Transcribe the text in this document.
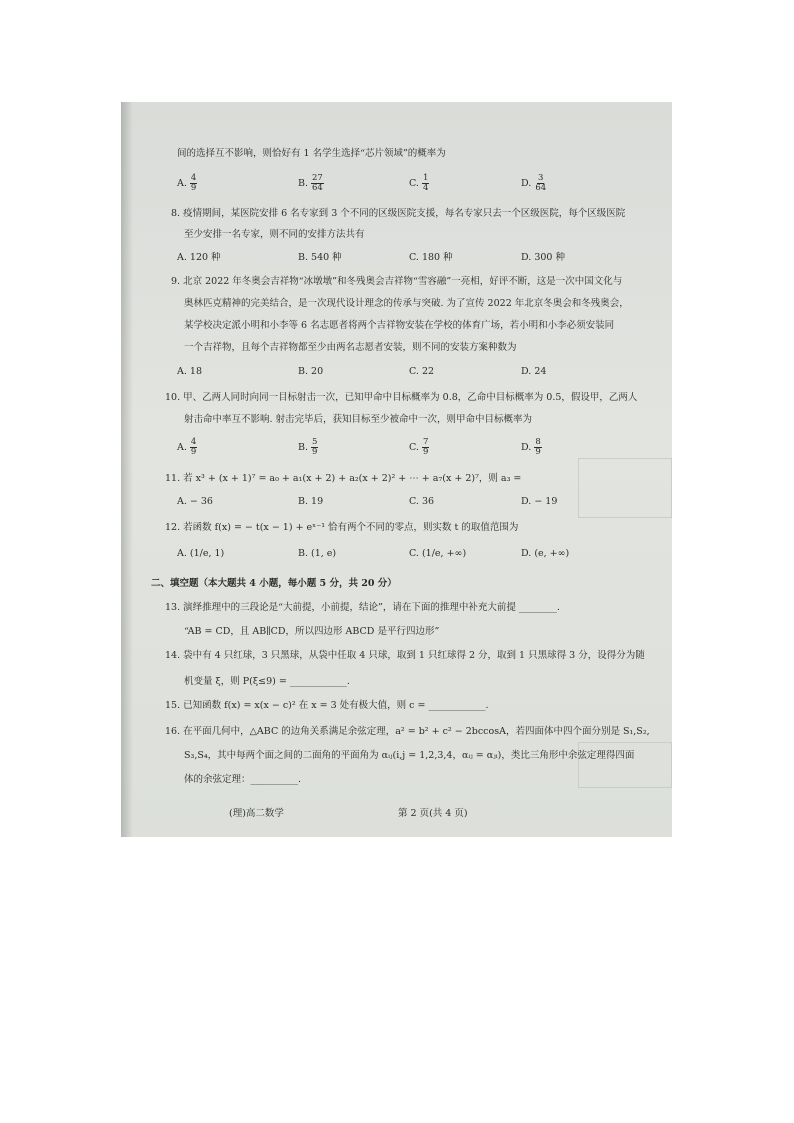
间的选择互不影响，则恰好有 1 名学生选择“芯片领域”的概率为
A. $\frac{4}{9}$	B. $\frac{27}{64}$	C. $\frac{1}{4}$	D. $\frac{3}{64}$
8. 疫情期间，某医院安排 6 名专家到 3 个不同的区级医院支援，每名专家只去一个区级医院，每个区级医院
至少安排一名专家，则不同的安排方法共有
A. 120 种	B. 540 种	C. 180 种	D. 300 种
9. 北京 2022 年冬奥会吉祥物“冰墩墩”和冬残奥会吉祥物“雪容融”一亮相，好评不断，这是一次中国文化与
奥林匹克精神的完美结合，是一次现代设计理念的传承与突破. 为了宣传 2022 年北京冬奥会和冬残奥会，
某学校决定派小明和小李等 6 名志愿者将两个吉祥物安装在学校的体育广场，若小明和小李必须安装同
一个吉祥物，且每个吉祥物都至少由两名志愿者安装，则不同的安装方案种数为
A. 18	B. 20	C. 22	D. 24
10. 甲、乙两人同时向同一目标射击一次，已知甲命中目标概率为 0.8，乙命中目标概率为 0.5，假设甲，乙两人
射击命中率互不影响. 射击完毕后，获知目标至少被命中一次，则甲命中目标概率为
A. $\frac{4}{9}$	B. $\frac{5}{9}$	C. $\frac{7}{9}$	D. $\frac{8}{9}$
11. 若 x³ + (x + 1)⁷ = a₀ + a₁(x + 2) + a₂(x + 2)² + ⋯ + a₇(x + 2)⁷，则 a₃ =
A. − 36	B. 19	C. 36	D. − 19
12. 若函数 f(x) = − t(x − 1) + eˣ⁻¹ 恰有两个不同的零点，则实数 t 的取值范围为
A. (1/e, 1)	B. (1, e)	C. (1/e, +∞)	D. (e, +∞)
二、填空题（本大题共 4 小题，每小题 5 分，共 20 分）
13. 演绎推理中的三段论是“大前提，小前提，结论”，请在下面的推理中补充大前提 ________.
“AB = CD，且 AB∥CD，所以四边形 ABCD 是平行四边形”
14. 袋中有 4 只红球，3 只黑球，从袋中任取 4 只球，取到 1 只红球得 2 分，取到 1 只黑球得 3 分，设得分为随
机变量 ξ，则 P(ξ≤9) = ____________.
15. 已知函数 f(x) = x(x − c)² 在 x = 3 处有极大值，则 c = ____________.
16. 在平面几何中，△ABC 的边角关系满足余弦定理，a² = b² + c² − 2bccosA，若四面体中四个面分别是 S₁,S₂,
S₃,S₄，其中每两个面之间的二面角的平面角为 αᵢⱼ(i,j = 1,2,3,4，αᵢⱼ = αⱼᵢ)，类比三角形中余弦定理得四面
体的余弦定理：__________.
(理)高二数学	第 2 页(共 4 页)
